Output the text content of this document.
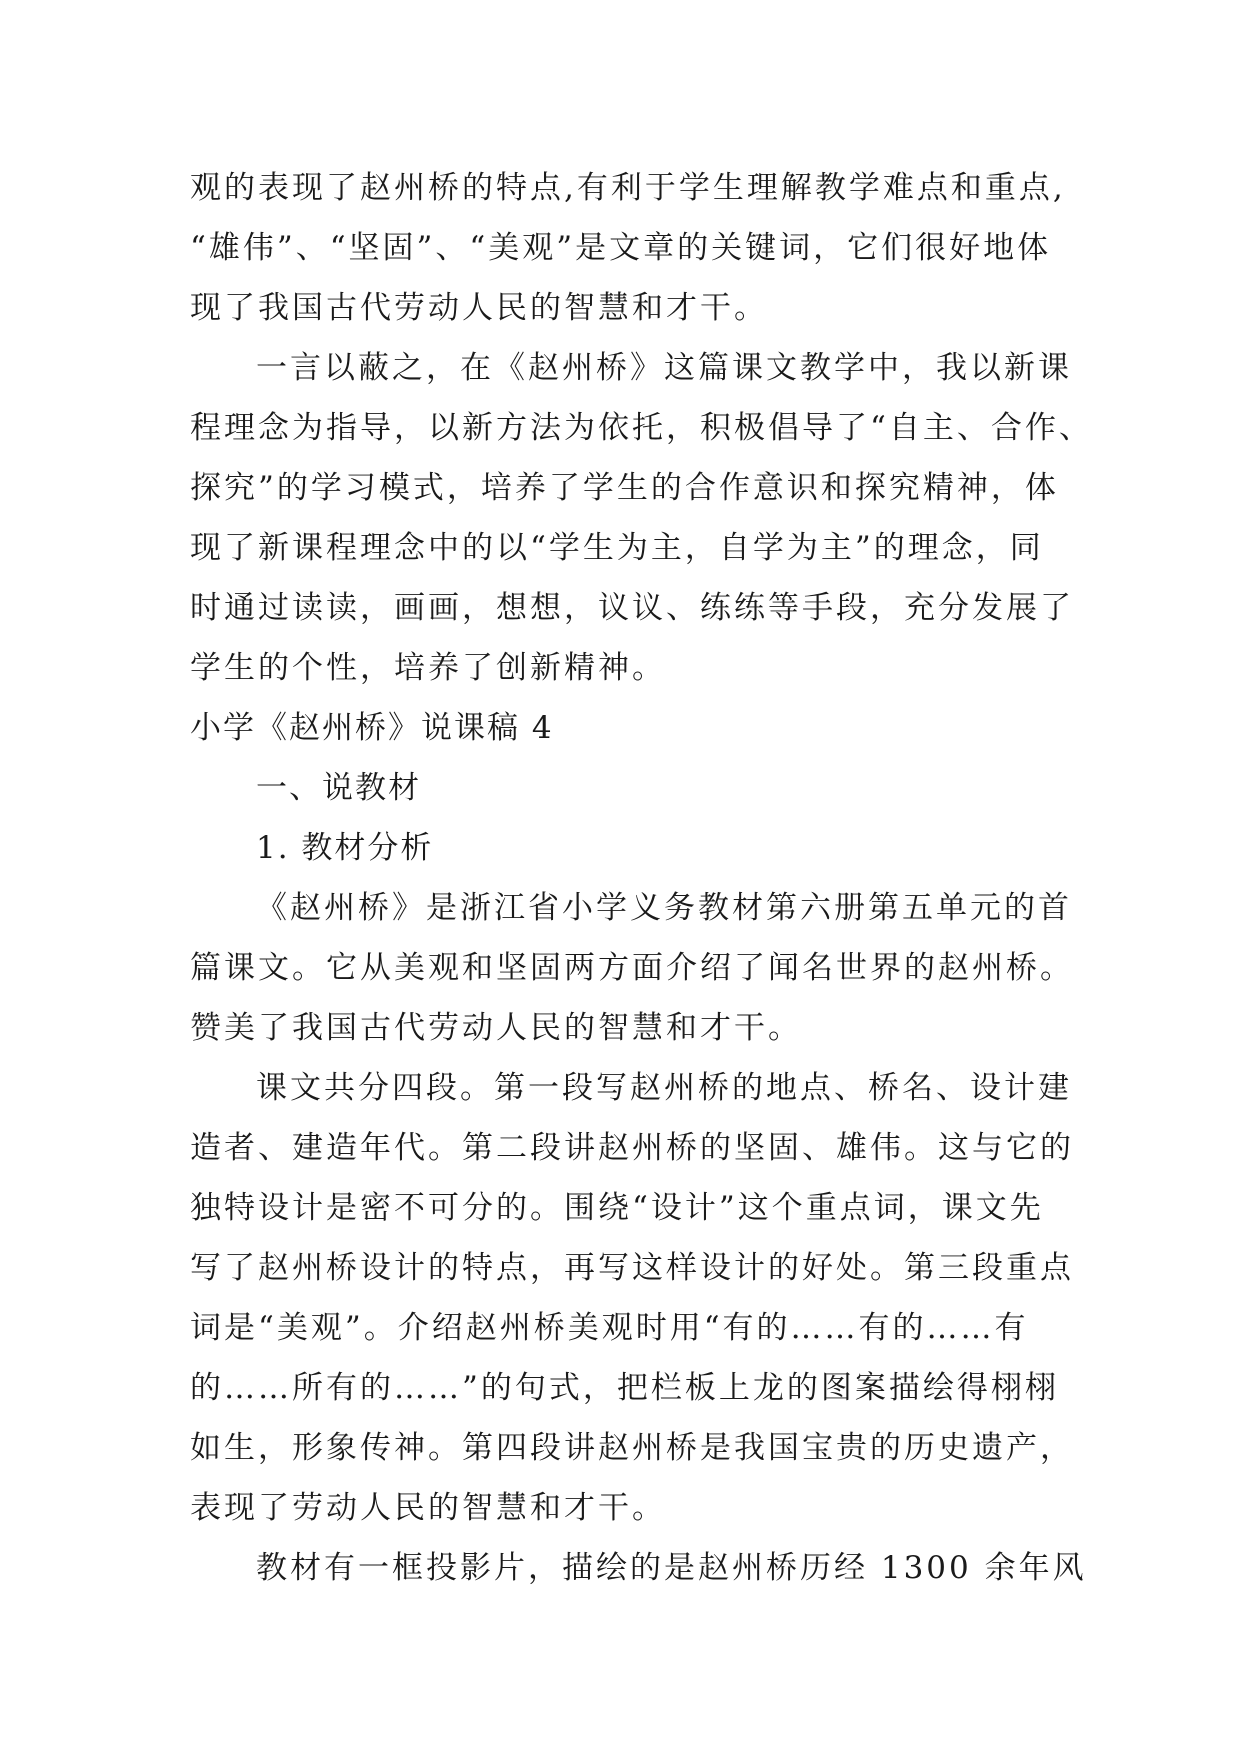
观的表现了赵州桥的特点,有利于学生理解教学难点和重点,
“雄伟”、“坚固”、“美观”是文章的关键词，它们很好地体
现了我国古代劳动人民的智慧和才干。
一言以蔽之，在《赵州桥》这篇课文教学中，我以新课
程理念为指导，以新方法为依托，积极倡导了“自主、合作、
探究”的学习模式，培养了学生的合作意识和探究精神，体
现了新课程理念中的以“学生为主，自学为主”的理念，同
时通过读读，画画，想想，议议、练练等手段，充分发展了
学生的个性，培养了创新精神。
小学《赵州桥》说课稿 4
一、说教材
1. 教材分析
《赵州桥》是浙江省小学义务教材第六册第五单元的首
篇课文。它从美观和坚固两方面介绍了闻名世界的赵州桥。
赞美了我国古代劳动人民的智慧和才干。
课文共分四段。第一段写赵州桥的地点、桥名、设计建
造者、建造年代。第二段讲赵州桥的坚固、雄伟。这与它的
独特设计是密不可分的。围绕“设计”这个重点词，课文先
写了赵州桥设计的特点，再写这样设计的好处。第三段重点
词是“美观”。介绍赵州桥美观时用“有的……有的……有
的……所有的……”的句式，把栏板上龙的图案描绘得栩栩
如生，形象传神。第四段讲赵州桥是我国宝贵的历史遗产，
表现了劳动人民的智慧和才干。
教材有一框投影片，描绘的是赵州桥历经 1300 余年风
